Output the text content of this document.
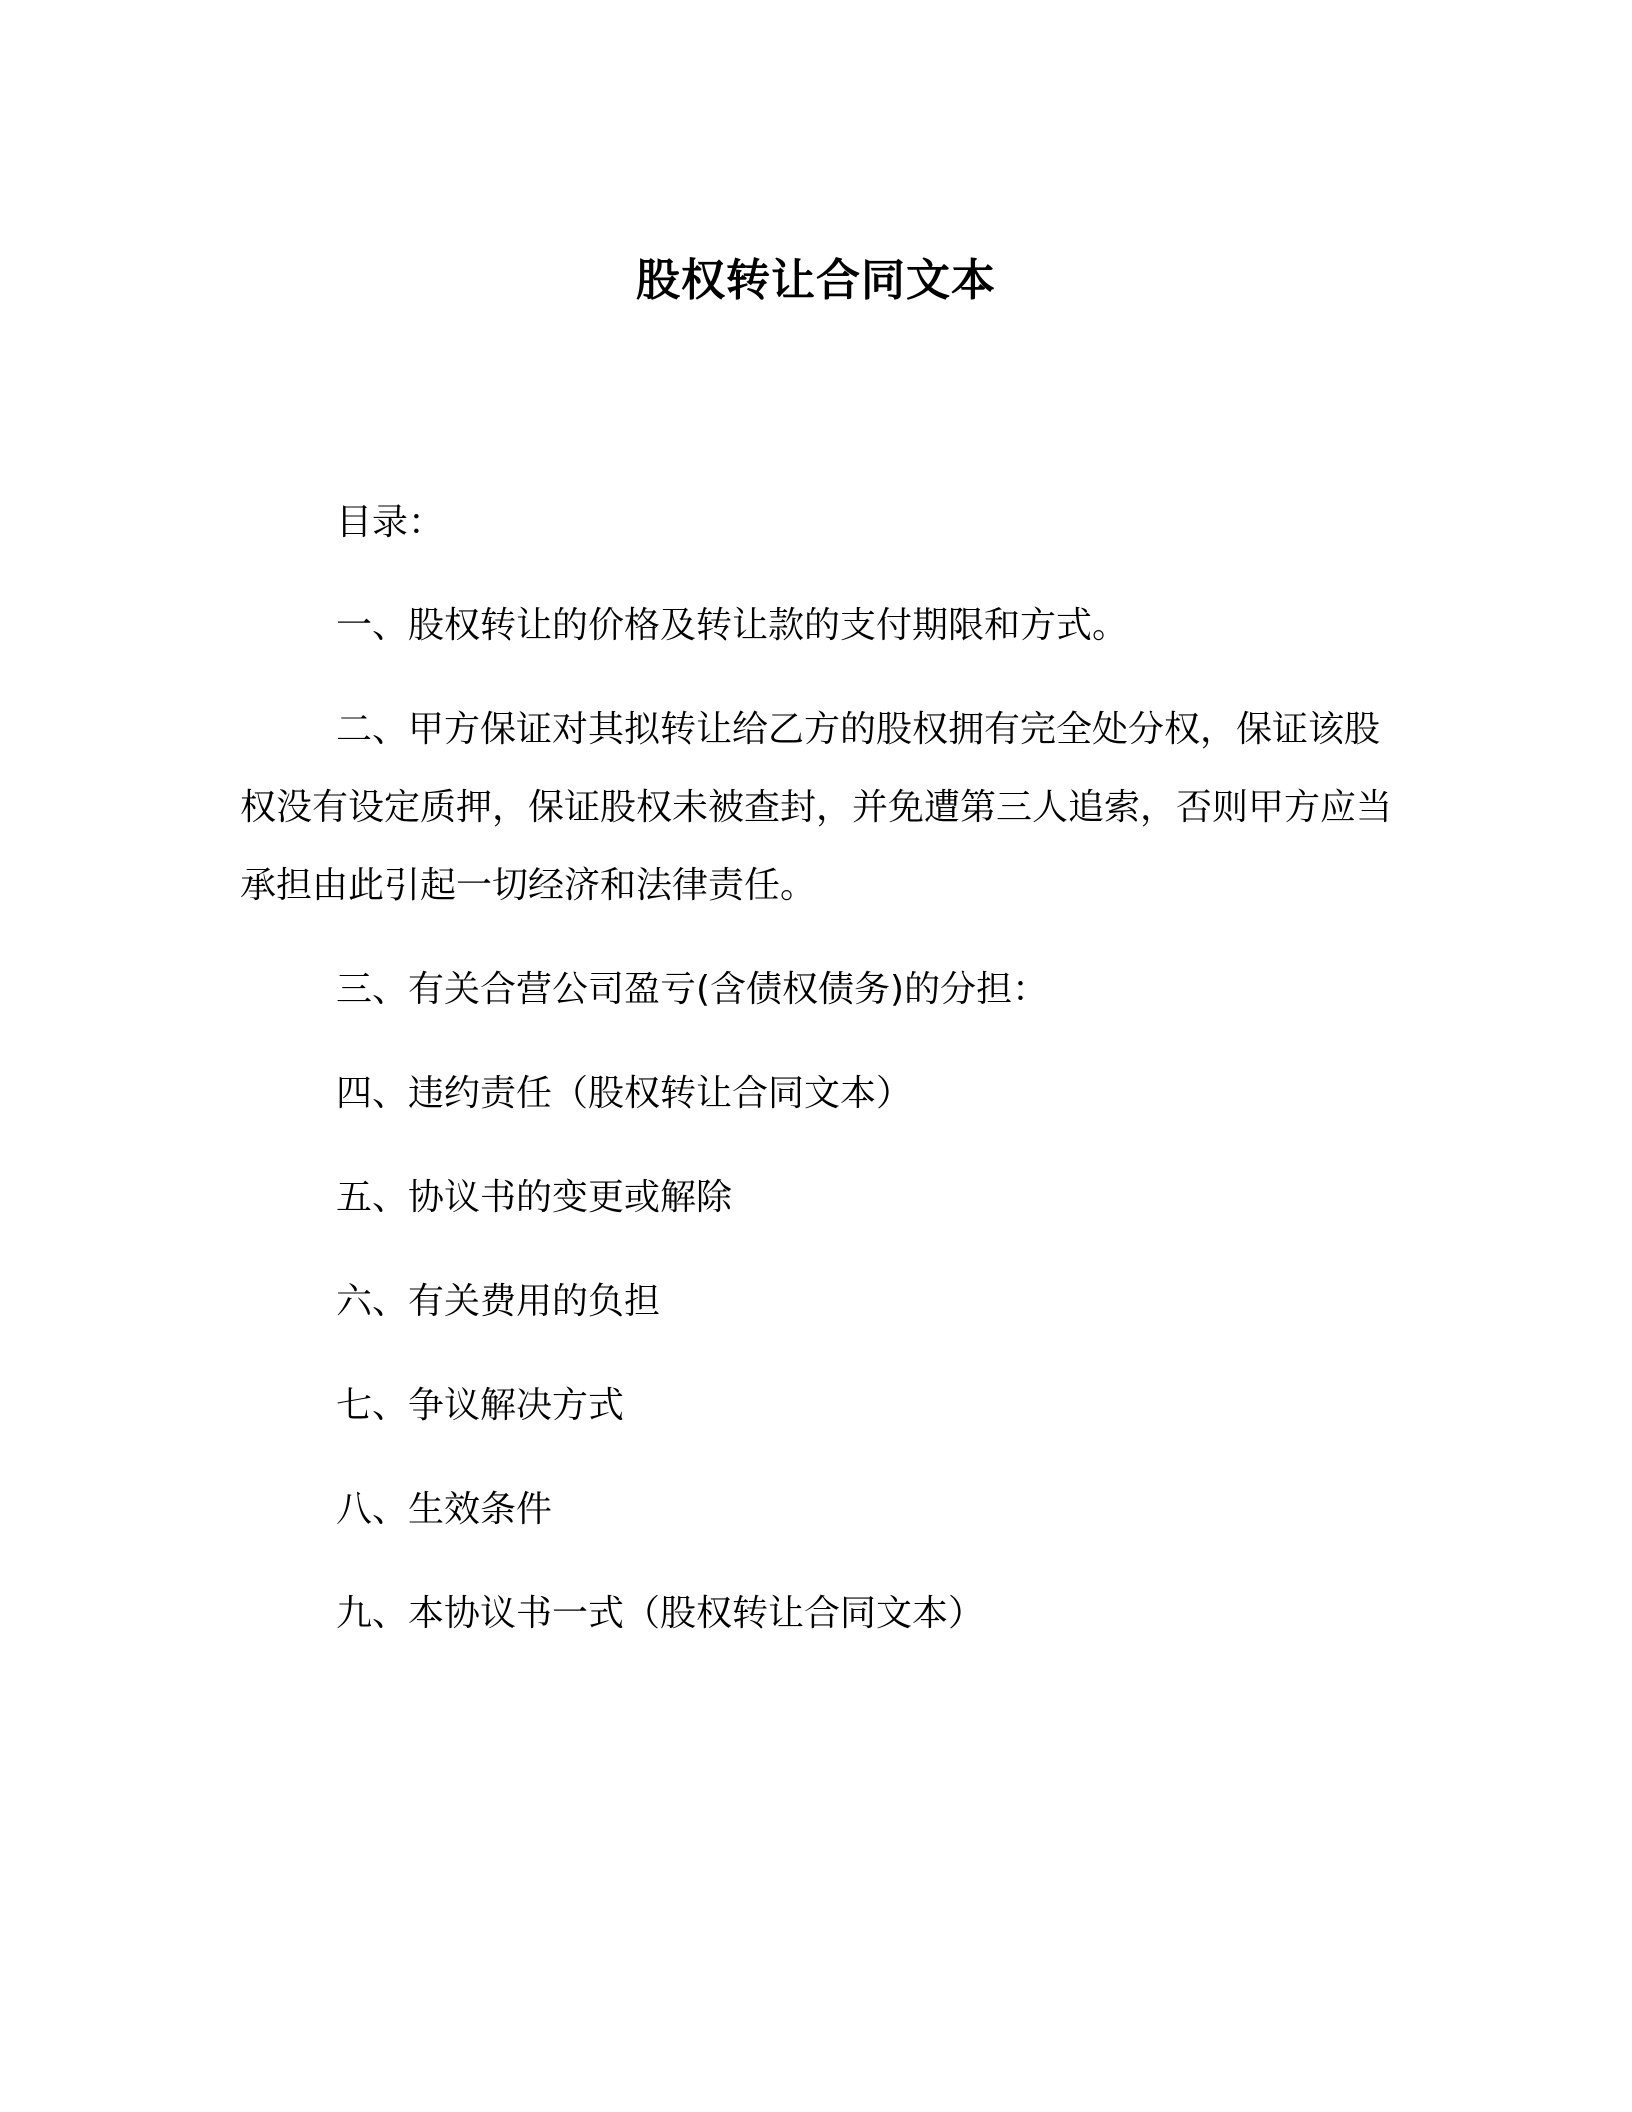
股权转让合同文本

目录：

一、股权转让的价格及转让款的支付期限和方式。

二、甲方保证对其拟转让给乙方的股权拥有完全处分权，保证该股权没有设定质押，保证股权未被查封，并免遭第三人追索，否则甲方应当承担由此引起一切经济和法律责任。

三、有关合营公司盈亏(含债权债务)的分担：

四、违约责任（股权转让合同文本）

五、协议书的变更或解除

六、有关费用的负担

七、争议解决方式

八、生效条件

九、本协议书一式（股权转让合同文本）
